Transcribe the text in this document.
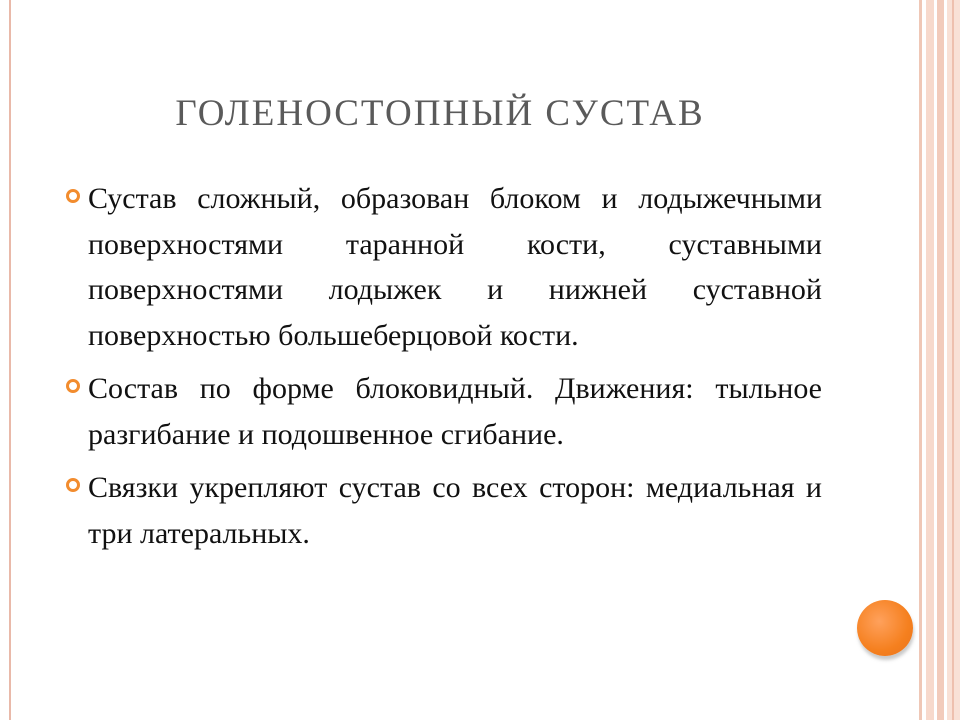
ГОЛЕНОСТОПНЫЙ СУСТАВ
Сустав сложный, образован блоком и лодыжечными поверхностями таранной кости, суставными поверхностями лодыжек и нижней суставной поверхностью большеберцовой кости.
Состав по форме блоковидный. Движения: тыльное разгибание и подошвенное сгибание.
Связки укрепляют сустав со всех сторон: медиальная и три латеральных.
